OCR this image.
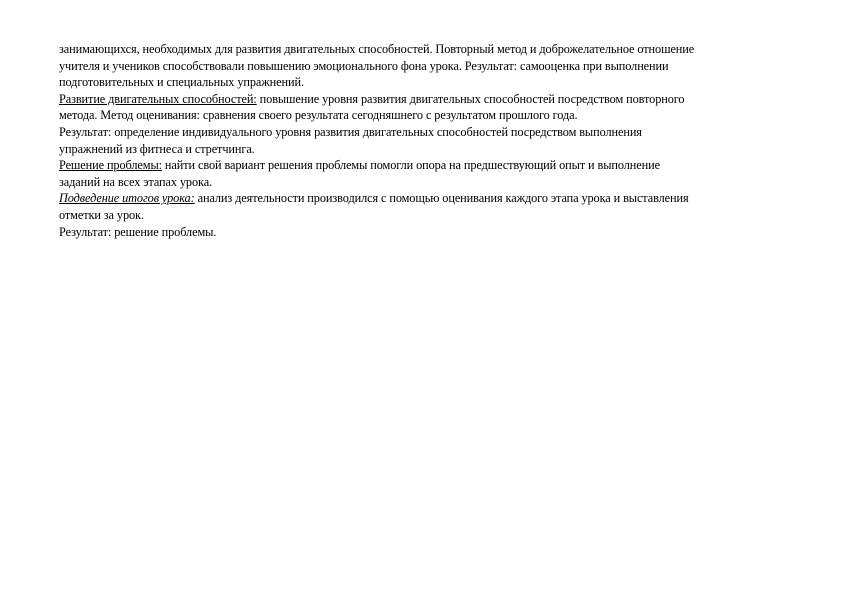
занимающихся, необходимых для развития двигательных способностей. Повторный метод и доброжелательное отношение
учителя и учеников способствовали повышению эмоционального фона урока. Результат: самооценка при выполнении
подготовительных и специальных упражнений.
Развитие двигательных способностей: повышение уровня развития двигательных способностей посредством повторного
метода. Метод оценивания: сравнения своего результата сегодняшнего с результатом прошлого года.
Результат: определение индивидуального уровня развития двигательных способностей посредством выполнения
упражнений из фитнеса и стретчинга.
Решение проблемы: найти свой вариант решения проблемы помогли опора на предшествующий опыт и выполнение
заданий на всех этапах урока.
Подведение итогов урока: анализ деятельности производился с помощью оценивания каждого этапа урока и выставления
отметки за урок.
Результат: решение проблемы.
